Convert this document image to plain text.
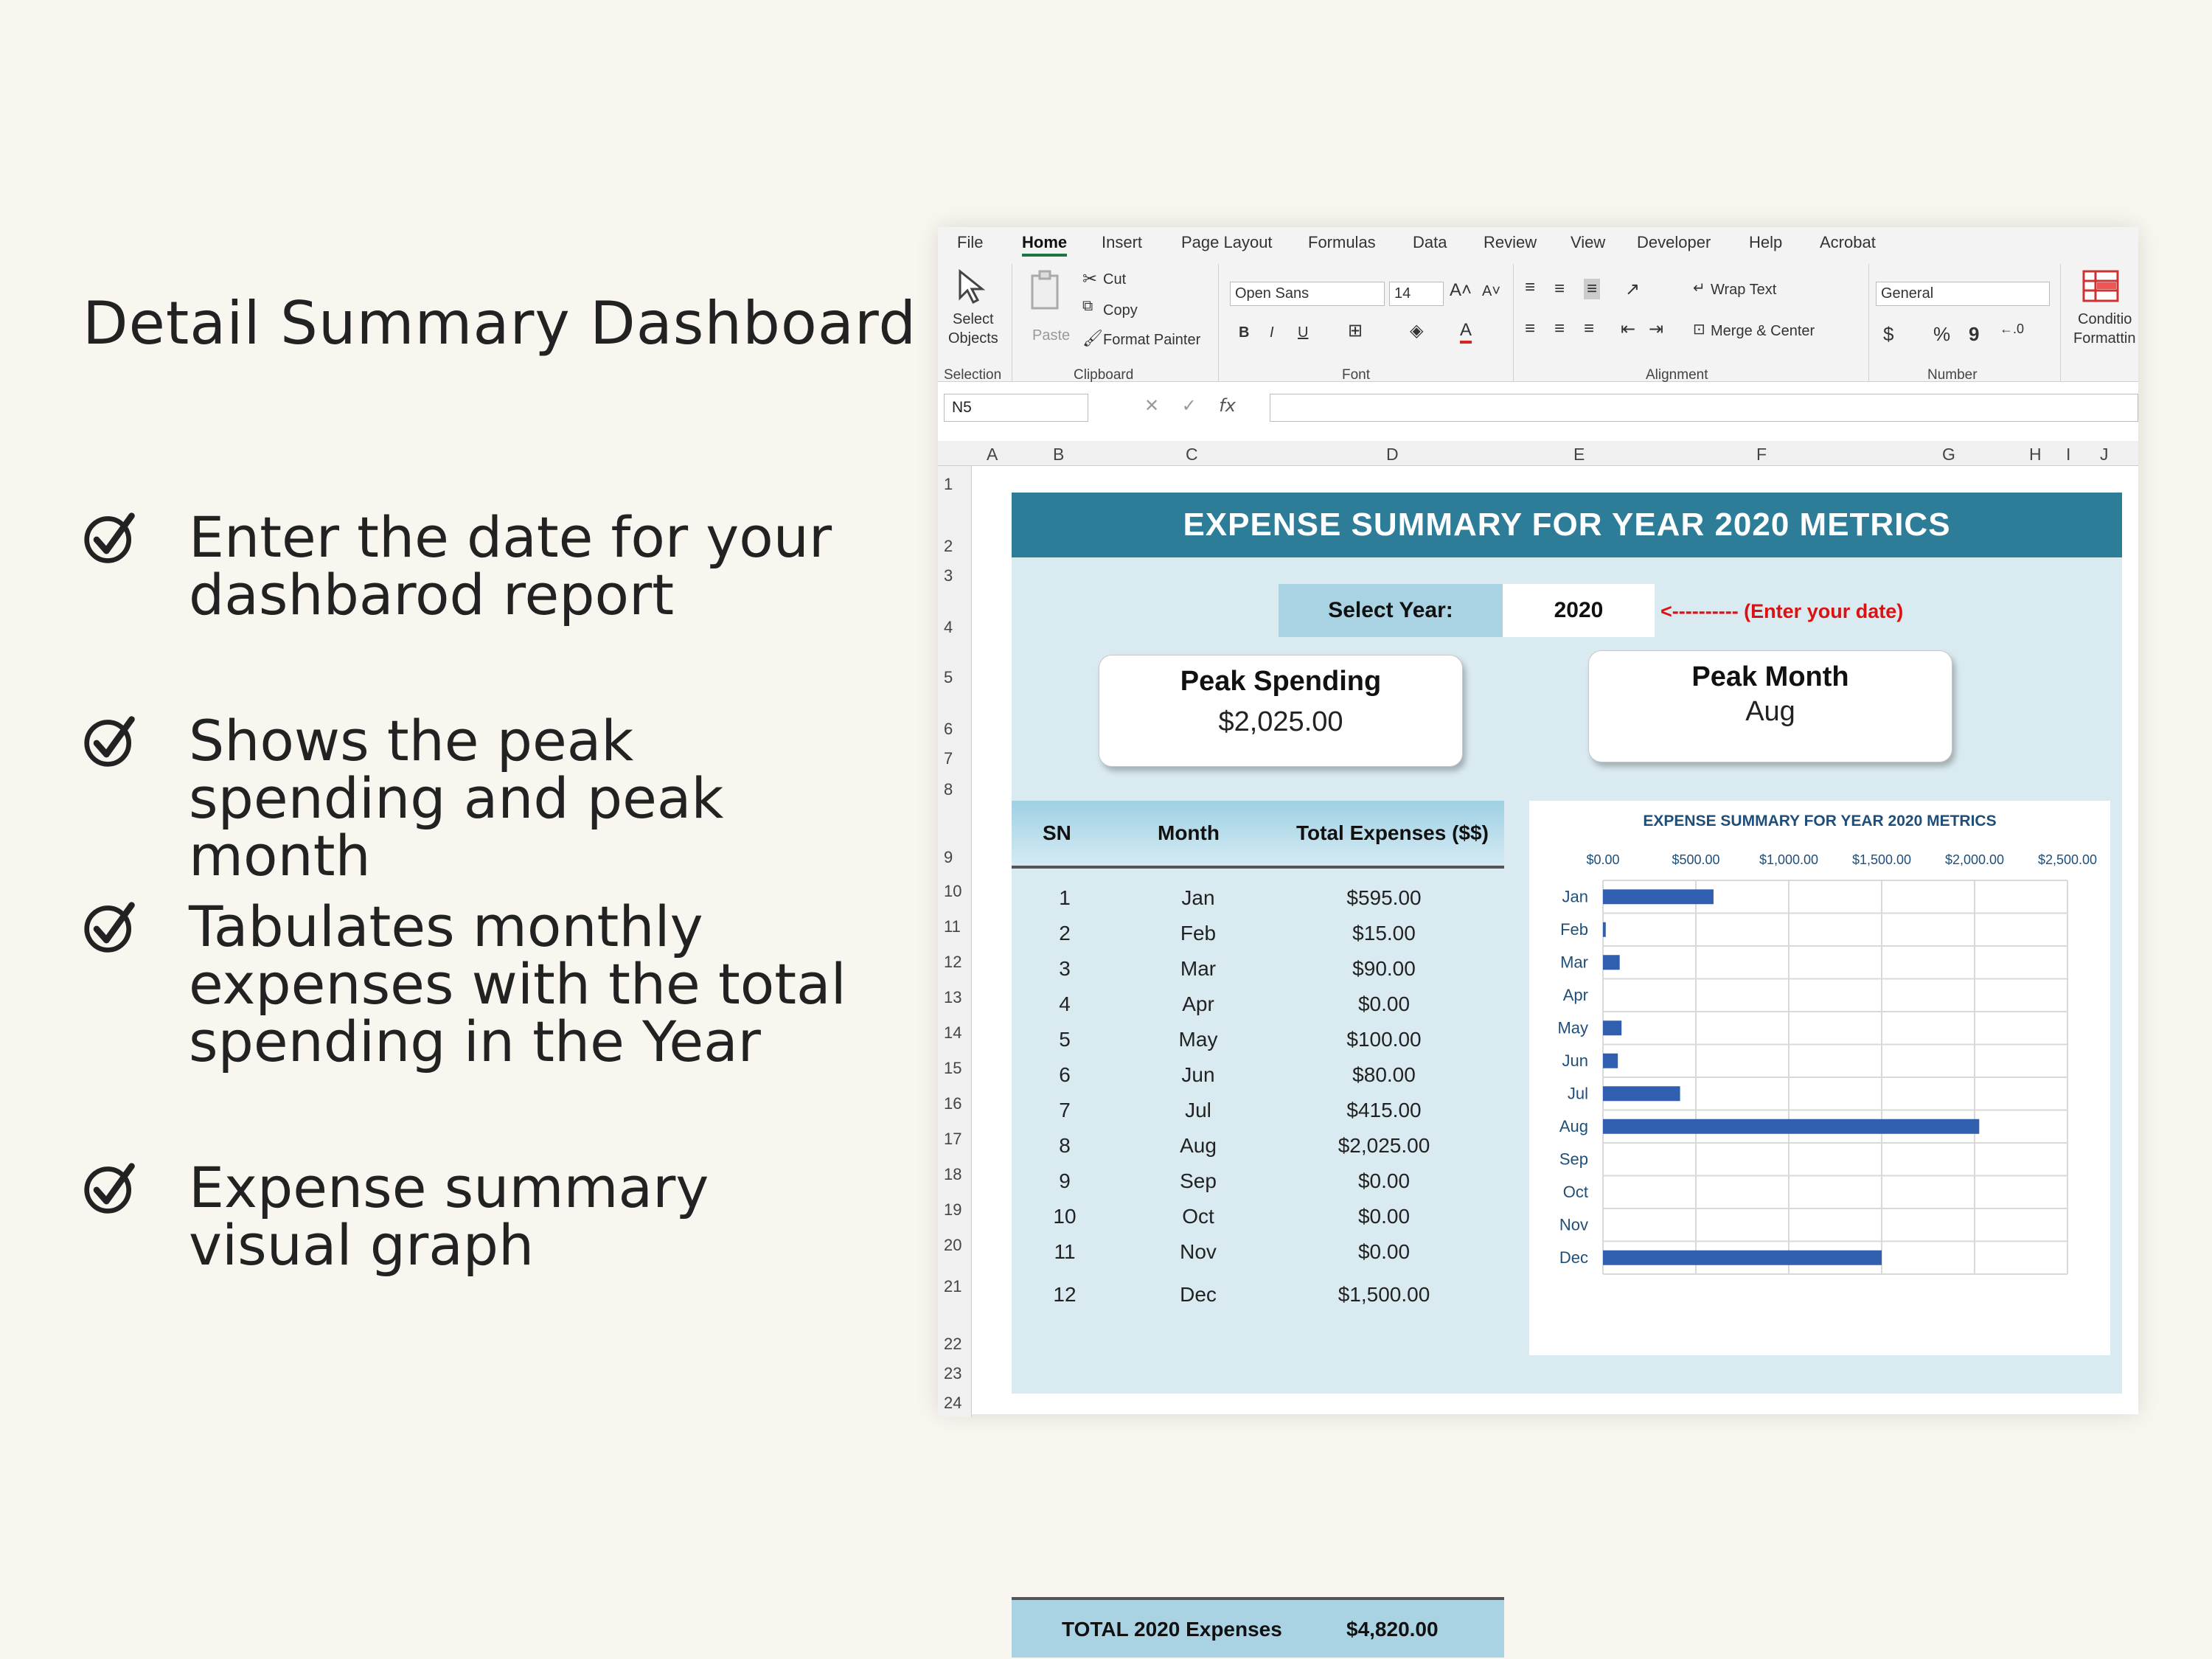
Detail Summary Dashboard
Enter the date for your dashbarod report
Shows the peak spending and peak month
Tabulates monthly expenses with the total spending in the Year
Expense summary visual graph
File Home Insert Page Layout Formulas Data Review View Developer Help Acrobat
Select
Objects
Selection
Paste
✂ Cut
⧉ Copy
🖌 Format Painter
Clipboard
Open Sans	14	A˄ A˅
B I U ⊞	◈ A
Font
≡ ≡ ≡ ↗
≡ ≡ ≡ ⇤ ⇥
↵ Wrap Text
⊡ Merge & Center
Alignment
General
$ % 9 ←.0
Number
Conditio
Formattin
N5	✕ ✓ fx
A	B	C	D	E	F	G	H I J
1
2
3
4
5
6
7
8
9
10
11
12
13
14
15
16
17
18
19
20
21
22
23
24
EXPENSE SUMMARY FOR YEAR 2020 METRICS
Select Year:	2020	<---------- (Enter your date)
Peak Spending
$2,025.00
Peak Month
Aug
SN	Month	Total Expenses ($$)
1	Jan	$595.00
2	Feb	$15.00
3	Mar	$90.00
4	Apr	$0.00
5	May	$100.00
6	Jun	$80.00
7	Jul	$415.00
8	Aug	$2,025.00
9	Sep	$0.00
10	Oct	$0.00
11	Nov	$0.00
12	Dec	$1,500.00
TOTAL 2020 Expenses	$4,820.00
EXPENSE SUMMARY FOR YEAR 2020 METRICS
$0.00	$500.00	$1,000.00	$1,500.00	$2,000.00	$2,500.00
Jan
Feb
Mar
Apr
May
Jun
Jul
Aug
Sep
Oct
Nov
Dec
